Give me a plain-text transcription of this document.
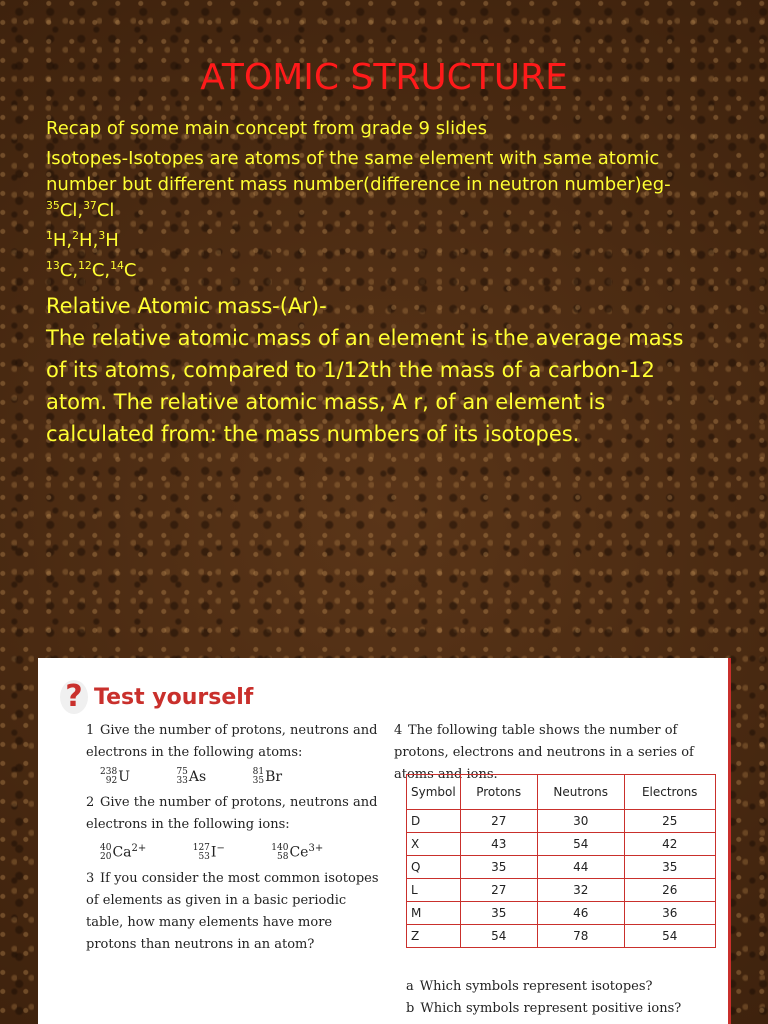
ATOMIC STRUCTURE

Recap of some main concept from grade 9 slides

Isotopes-Isotopes are atoms of the same element with same atomic number but different mass number(difference in neutron number)eg-$^{35}$Cl,$^{37}$Cl

$^1$H,$^2$H,$^3$H

$^{13}$C,$^{12}$C,$^{14}$C

Relative Atomic mass-(Ar)-

The relative atomic mass of an element is the average mass of its atoms, compared to 1/12th the mass of a carbon-12 atom. The relative atomic mass, A r, of an element is calculated from: the mass numbers of its isotopes.

? Test yourself

1 Give the number of protons, neutrons and electrons in the following atoms:

238
92 U	75
33 As	81
35 Br

2 Give the number of protons, neutrons and electrons in the following ions:

40
20 $Ca^{2+}$	127
53 I−	140
58 $Ce^{3+}$

3 If you consider the most common isotopes of elements as given in a basic periodic table, how many elements have more protons than neutrons in an atom?

4 The following table shows the number of protons, electrons and neutrons in a series of atoms and ions.

Symbol	Protons	Neutrons	Electrons
D	27	30	25
X	43	54	42
Q	35	44	35
L	27	32	26
M	35	46	36
Z	54	78	54

a Which symbols represent isotopes?

b Which symbols represent positive ions?
